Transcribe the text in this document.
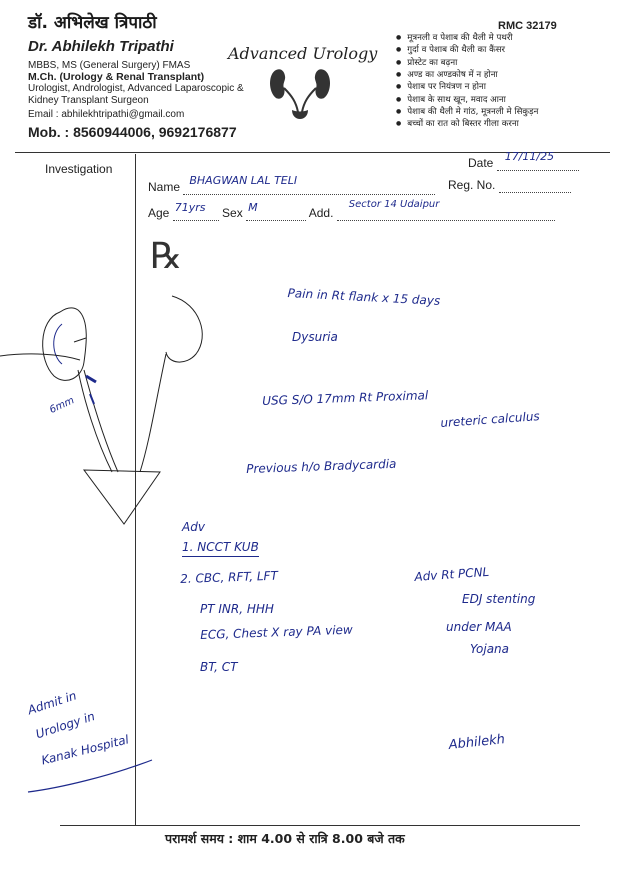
डॉ. अभिलेख त्रिपाठी
Dr. Abhilekh Tripathi
MBBS, MS (General Surgery) FMAS
M.Ch. (Urology & Renal Transplant)
Urologist, Andrologist, Advanced Laparoscopic &
Kidney Transplant Surgeon
Email : abhilekhtripathi@gmail.com
Mob. : 8560944006, 9692176877
Advanced Urology
RMC 32179
● मूत्रनली व पेशाब की थैली मे पथरी
● गुर्दा व पेशाब की थैली का कैंसर
● प्रोस्टेट का बढ़ना
● अण्ड का अण्डकोष में न होना
● पेशाब पर नियंत्रण न होना
● पेशाब के साथ खून, मवाद आना
● पेशाब की थैली मे गांठ, मूत्रनली मे सिकुड़न
● बच्चों का रात को बिस्तर गीला करना
Investigation	Date 17/11/25

Name BHAGWAN LAL TELI
	Reg. No.
Age 71yrs Sex M	Add.
Sector 14 Udaipur

℞
Pain in Rt flank x 15 days
Dysuria
USG S/O 17mm Rt Proximal
ureteric calculus
Previous h/o Bradycardia
Adv
1. NCCT KUB
2. CBC, RFT, LFT
PT INR, HHH
ECG, Chest X ray PA view
BT, CT
Adv Rt PCNL
EDJ stenting
under MAA
Yojana
Admit in
Urology in
Kanak Hospital
6mm
Abhilekh
परामर्श समय : शाम 4.00 से रात्रि 8.00 बजे तक
